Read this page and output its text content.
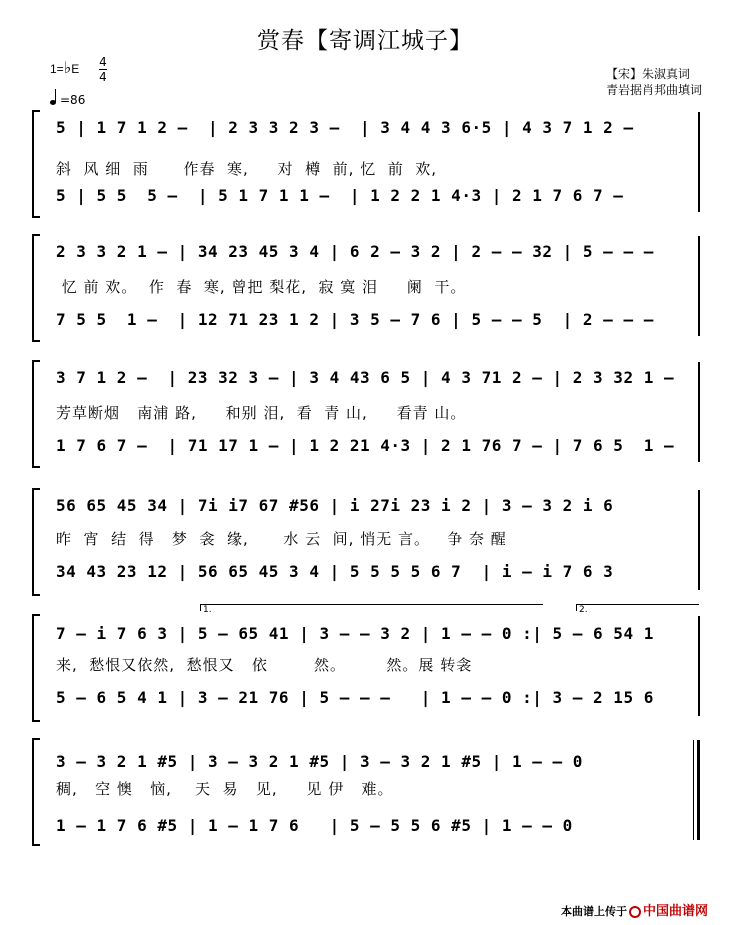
赏春【寄调江城子】
1=♭E 4
4
=86
【宋】朱淑真词
青岩据肖邦曲填词
5 | 1 7 1 2 –  | 2 3 3 2 3 –  | 3 4 4 3 6·5 | 4 3 7 1 2 –
斜  风 细  雨      作春  寒,     对  樽  前, 忆  前  欢,
5 | 5 5  5 –  | 5 1 7 1 1 –  | 1 2 2 1 4·3 | 2 1 7 6 7 –
2 3 3 2 1 – | 34 23 45 3 4 | 6 2 – 3 2 | 2 – – 32 | 5 – – –
忆 前 欢。  作  春  寒, 曾把 梨花,  寂 寞 泪     阑  干。
7 5 5  1 –  | 12 71 23 1 2 | 3 5 – 7 6 | 5 – – 5  | 2 – – –
3 7 1 2 –  | 23 32 3 – | 3 4 43 6 5 | 4 3 71 2 – | 2 3 32 1 –
芳草断烟   南浦 路,     和别 泪,  看  青 山,     看青 山。
1 7 6 7 –  | 71 17 1 – | 1 2 21 4·3 | 2 1 76 7 – | 7 6 5  1 –
56 65 45 34 | 7i i7 67 #56 | i 27i 23 i 2 | 3 – 3 2 i 6
昨  宵  结  得   梦  衾  缘,      水 云  间, 悄无 言。   争 奈 醒
34 43 23 12 | 56 65 45 3 4 | 5 5 5 5 6 7  | i – i 7 6 3
1.	2.
7 – i 7 6 3 | 5 – 65 41 | 3 – – 3 2 | 1 – – 0 :| 5 – 6 54 1
来,  愁恨又依然,  愁恨又   依        然。       然。展 转衾
5 – 6 5 4 1 | 3 – 21 76 | 5 – – –   | 1 – – 0 :| 3 – 2 15 6
3 – 3 2 1 #5 | 3 – 3 2 1 #5 | 3 – 3 2 1 #5 | 1 – – 0
稠,   空 懊   恼,    天  易   见,     见 伊   难。
1 – 1 7 6 #5 | 1 – 1 7 6   | 5 – 5 5 6 #5 | 1 – – 0
本曲谱上传于 中国曲谱网
